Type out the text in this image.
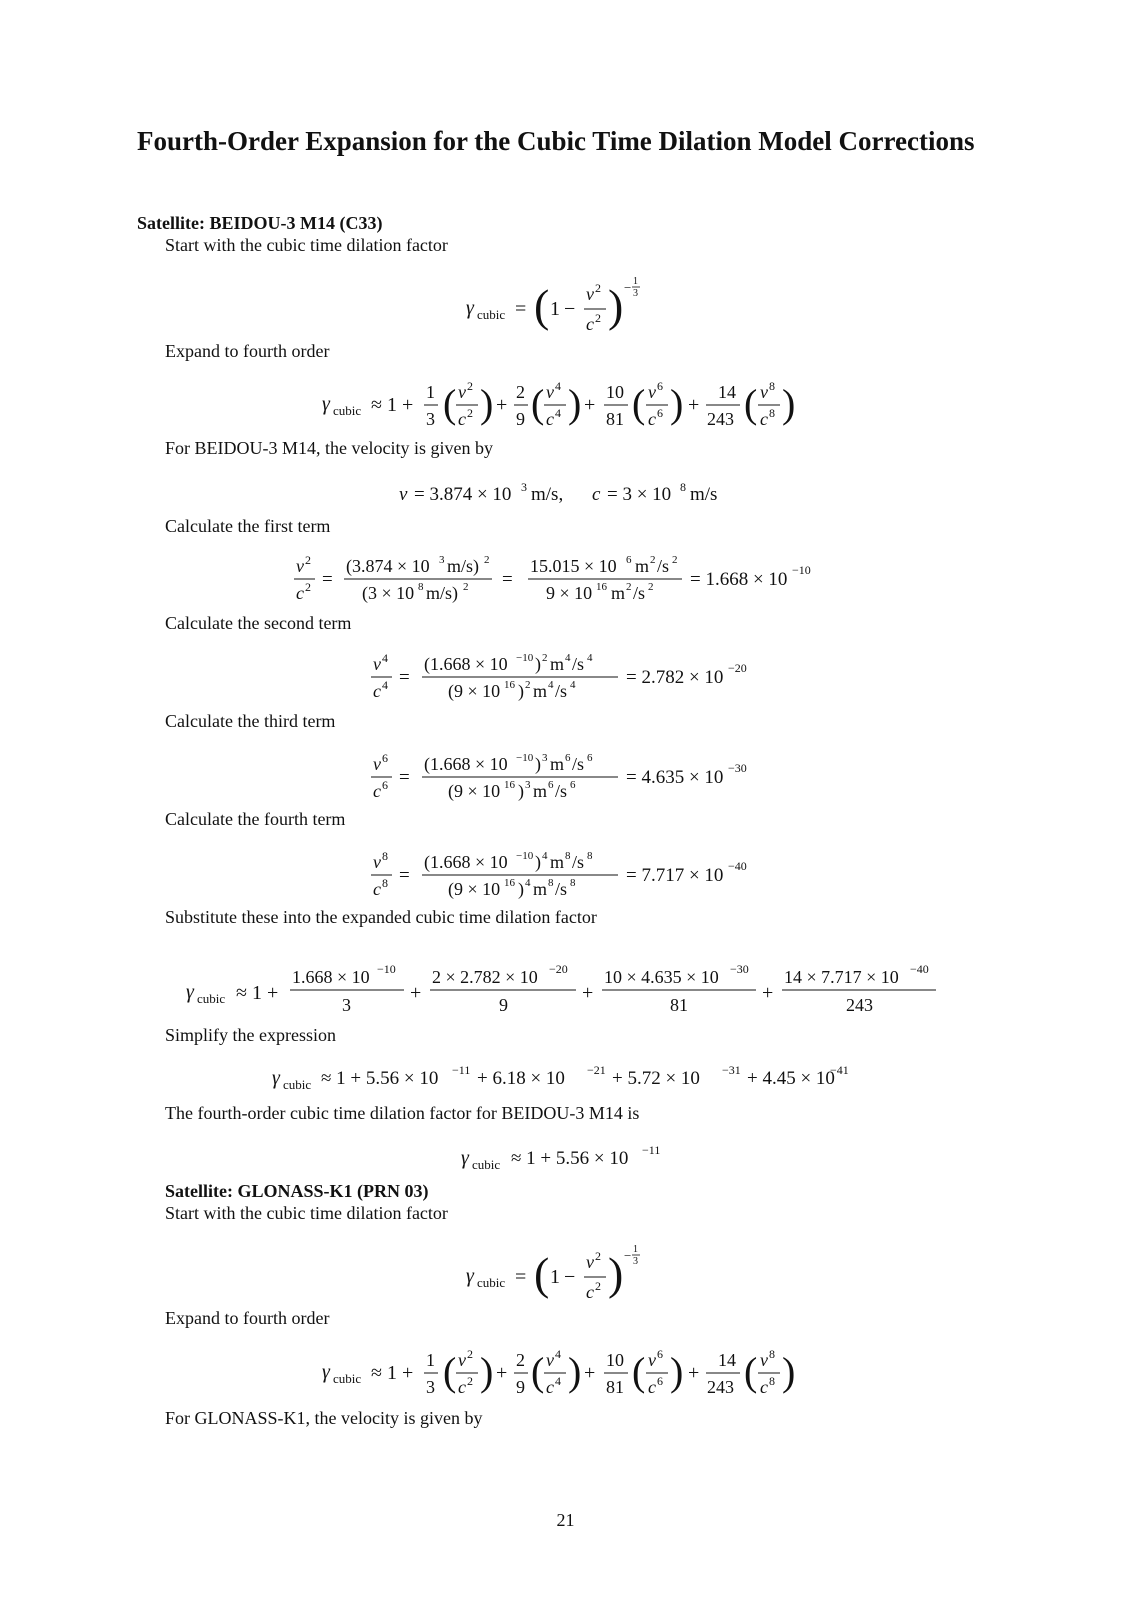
Fourth-Order Expansion for the Cubic Time Dilation Model Corrections

Satellite: BEIDOU-3 M14 (C33)

Start with the cubic time dilation factor

γ cubic = ( 1 −
v 2
c 2 ) − 1
3

Expand to fourth order

γ cubic ≈ 1 +
1
3 ( v 2
c 2 ) +
2
9 ( v 4
c 4 ) +
10
81 ( v 6
c 6 ) +
14
243 ( v 8
c 8 )

For BEIDOU-3 M14, the velocity is given by

v = 3.874 × 10 3 m/s, c = 3 × 10 8 m/s

Calculate the first term

v 2
c 2 =
(3.874 × 10 3 m/s) 2
(3 × 10 8 m/s) 2 =
15.015 × 10 6 m 2 /s 2
9 × 10 16 m 2 /s 2 = 1.668 × 10 −10

Calculate the second term

v 4
c 4 =
(1.668 × 10 −10 ) 2 m 4 /s 4
(9 × 10 16 ) 2 m 4 /s 4	= 2.782 × 10 −20

Calculate the third term

v 6
c 6 =
(1.668 × 10 −10 ) 3 m 6 /s 6
(9 × 10 16 ) 3 m 6 /s 6	= 4.635 × 10 −30

Calculate the fourth term

v 8
c 8 =
(1.668 × 10 −10 ) 4 m 8 /s 8
(9 × 10 16 ) 4 m 8 /s 8	= 7.717 × 10 −40

Substitute these into the expanded cubic time dilation factor

γ cubic ≈ 1 +
1.668 × 10 −10
3
+
2 × 2.782 × 10 −20
9
+
10 × 4.635 × 10 −30
81
+
14 × 7.717 × 10 −40
243

Simplify the expression

γ cubic ≈ 1 + 5.56 × 10 −11 + 6.18 × 10 −21 + 5.72 × 10 −31 + 4.45 × 10
−41

The fourth-order cubic time dilation factor for BEIDOU-3 M14 is

γ cubic ≈ 1 + 5.56 × 10 −11

Satellite: GLONASS-K1 (PRN 03)

Start with the cubic time dilation factor

γ cubic = ( 1 −
v 2
c 2 ) − 1
3

Expand to fourth order

γ cubic ≈ 1 +
1
3 ( v 2
c 2 ) +
2
9 ( v 4
c 4 ) +
10
81 ( v 6
c 6 ) +
14
243 ( v 8
c 8 )

For GLONASS-K1, the velocity is given by

21
